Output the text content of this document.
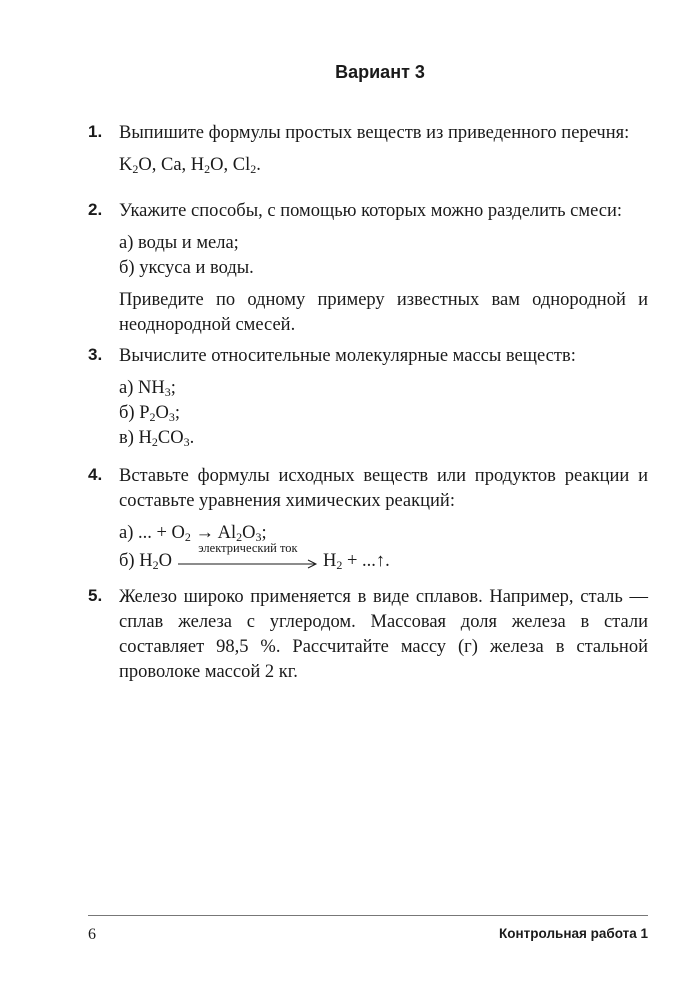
Вариант 3
1. Выпишите формулы простых веществ из приведенного перечня:

$K_2O$, Ca, $H_2O$, $Cl_2$.

2. Укажите способы, с помощью которых можно разделить смеси:

а) воды и мела;

б) уксуса и воды.

Приведите по одному примеру известных вам однородной и неоднородной смесей.

3. Вычислите относительные молекулярные массы веществ:

а) $NH_3$;

б) $P_2O_3$;

в) $H_2CO_3$.

4. Вставьте формулы исходных веществ или продуктов реакции и составьте уравнения химических реакций:

а) ... + $O_2 \to Al_2O_3$;

б) $H_2O$
электрический ток
$H_2$ + ...↑.

5. Железо широко применяется в виде сплавов. Например, сталь — сплав железа с углеродом. Массовая доля железа в стали составляет 98,5 %. Рассчитайте массу (г) железа в стальной проволоке массой 2 кг.

6	Контрольная работа 1
